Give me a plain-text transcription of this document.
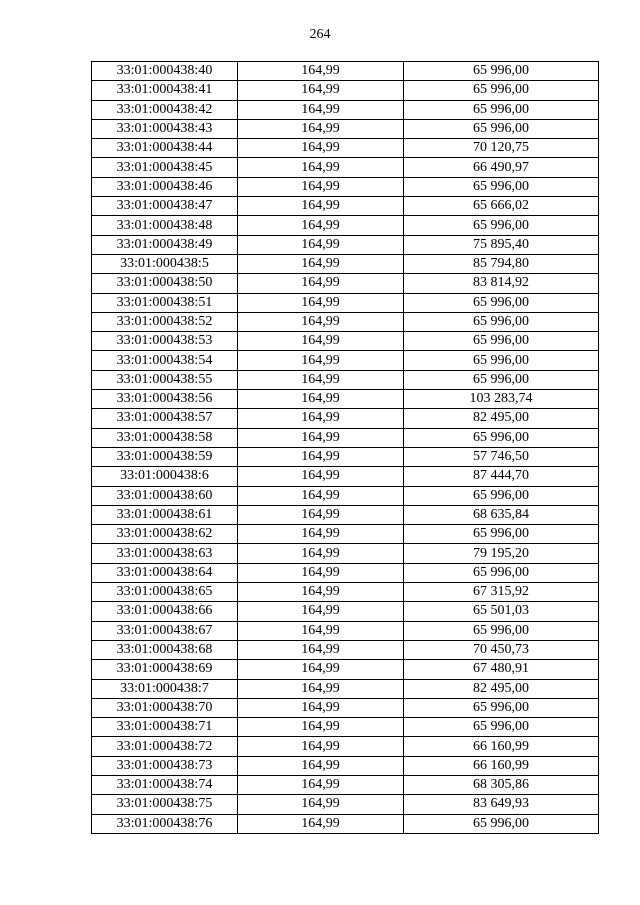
264
33:01:000438:40	164,99	65 996,00
33:01:000438:41	164,99	65 996,00
33:01:000438:42	164,99	65 996,00
33:01:000438:43	164,99	65 996,00
33:01:000438:44	164,99	70 120,75
33:01:000438:45	164,99	66 490,97
33:01:000438:46	164,99	65 996,00
33:01:000438:47	164,99	65 666,02
33:01:000438:48	164,99	65 996,00
33:01:000438:49	164,99	75 895,40
33:01:000438:5	164,99	85 794,80
33:01:000438:50	164,99	83 814,92
33:01:000438:51	164,99	65 996,00
33:01:000438:52	164,99	65 996,00
33:01:000438:53	164,99	65 996,00
33:01:000438:54	164,99	65 996,00
33:01:000438:55	164,99	65 996,00
33:01:000438:56	164,99	103 283,74
33:01:000438:57	164,99	82 495,00
33:01:000438:58	164,99	65 996,00
33:01:000438:59	164,99	57 746,50
33:01:000438:6	164,99	87 444,70
33:01:000438:60	164,99	65 996,00
33:01:000438:61	164,99	68 635,84
33:01:000438:62	164,99	65 996,00
33:01:000438:63	164,99	79 195,20
33:01:000438:64	164,99	65 996,00
33:01:000438:65	164,99	67 315,92
33:01:000438:66	164,99	65 501,03
33:01:000438:67	164,99	65 996,00
33:01:000438:68	164,99	70 450,73
33:01:000438:69	164,99	67 480,91
33:01:000438:7	164,99	82 495,00
33:01:000438:70	164,99	65 996,00
33:01:000438:71	164,99	65 996,00
33:01:000438:72	164,99	66 160,99
33:01:000438:73	164,99	66 160,99
33:01:000438:74	164,99	68 305,86
33:01:000438:75	164,99	83 649,93
33:01:000438:76	164,99	65 996,00
